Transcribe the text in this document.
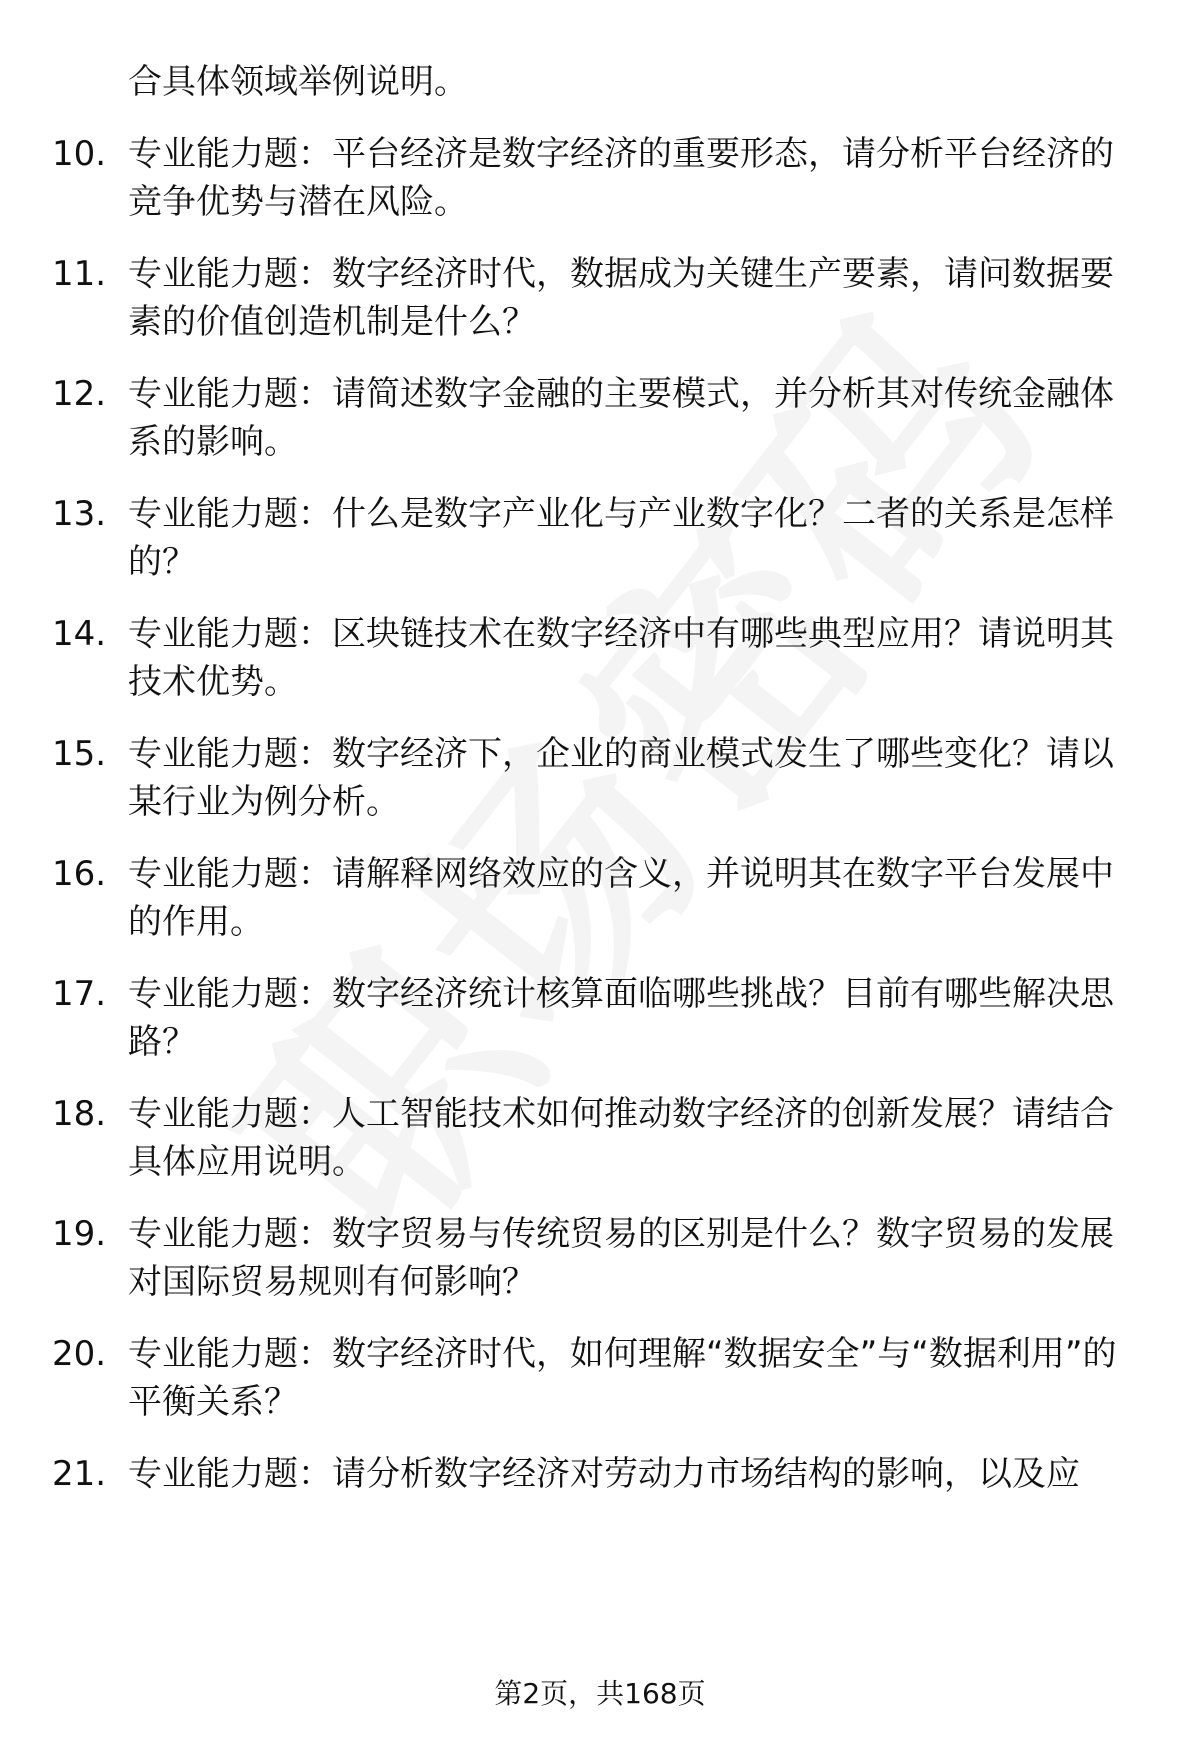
合具体领域举例说明。
10. 专业能力题：平台经济是数字经济的重要形态，请分析平台经济的竞争优势与潜在风险。
11. 专业能力题：数字经济时代，数据成为关键生产要素，请问数据要素的价值创造机制是什么？
12. 专业能力题：请简述数字金融的主要模式，并分析其对传统金融体系的影响。
13. 专业能力题：什么是数字产业化与产业数字化？二者的关系是怎样的？
14. 专业能力题：区块链技术在数字经济中有哪些典型应用？请说明其技术优势。
15. 专业能力题：数字经济下，企业的商业模式发生了哪些变化？请以某行业为例分析。
16. 专业能力题：请解释网络效应的含义，并说明其在数字平台发展中的作用。
17. 专业能力题：数字经济统计核算面临哪些挑战？目前有哪些解决思路？
18. 专业能力题：人工智能技术如何推动数字经济的创新发展？请结合具体应用说明。
19. 专业能力题：数字贸易与传统贸易的区别是什么？数字贸易的发展对国际贸易规则有何影响？
20. 专业能力题：数字经济时代，如何理解“数据安全”与“数据利用”的平衡关系？
21. 专业能力题：请分析数字经济对劳动力市场结构的影响，以及应
第2页，共168页
